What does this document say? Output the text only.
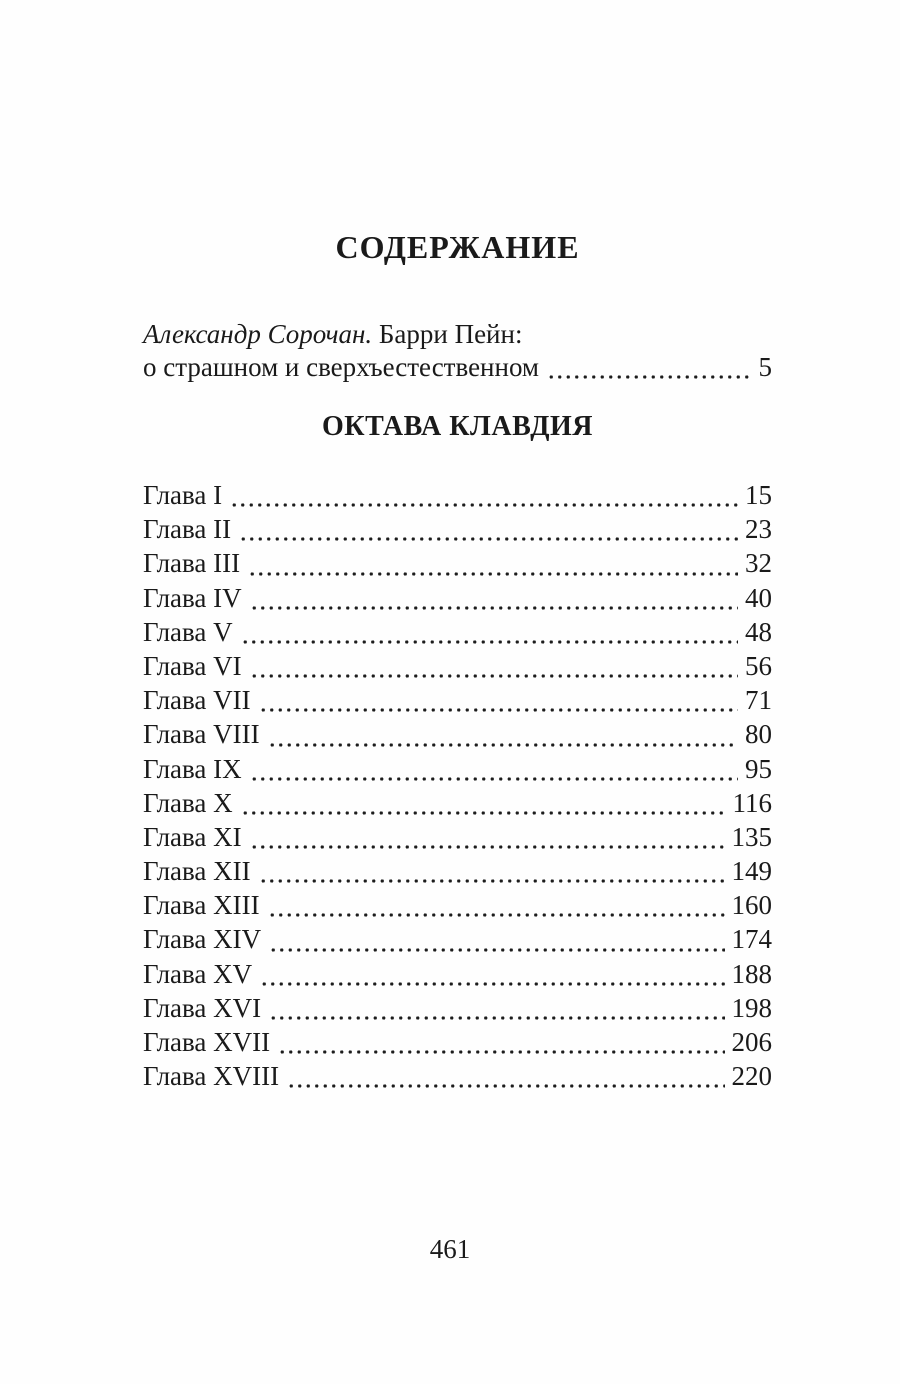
СОДЕРЖАНИЕ
Александр Сорочан. Барри Пейн:
о страшном и сверхъестественном	5
ОКТАВА КЛАВДИЯ
Глава I	15
Глава II	23
Глава III	32
Глава IV	40
Глава V	48
Глава VI	56
Глава VII	71
Глава VIII	80
Глава IX	95
Глава X	116
Глава XI	135
Глава XII	149
Глава XIII	160
Глава XIV	174
Глава XV	188
Глава XVI	198
Глава XVII	206
Глава XVIII	220
461
